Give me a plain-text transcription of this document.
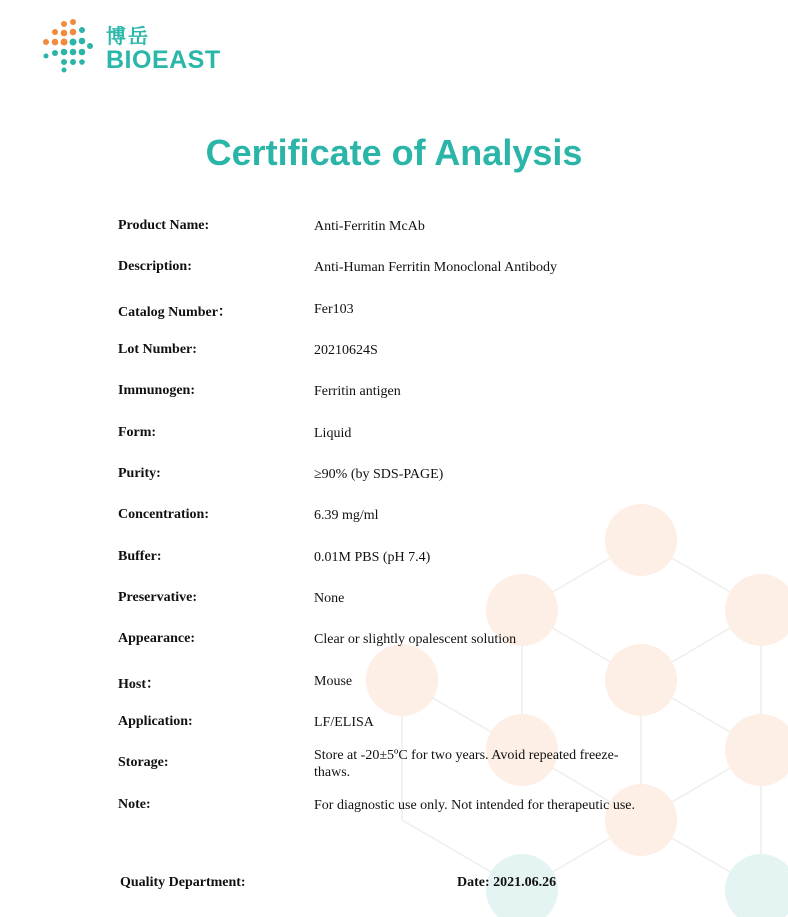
博岳
BIOEAST
Certificate of Analysis
Product Name:	Anti-Ferritin McAb
Description:	Anti-Human Ferritin Monoclonal Antibody
Catalog Number：	Fer103
Lot Number:	20210624S
Immunogen:	Ferritin antigen
Form:	Liquid
Purity:	≥90% (by SDS-PAGE)
Concentration:	6.39 mg/ml
Buffer:	0.01M PBS (pH 7.4)
Preservative:	None
Appearance:	Clear or slightly opalescent solution
Host：	Mouse
Application:	LF/ELISA
Storage:	Store at -20±5ºC for two years. Avoid repeated freeze-thaws.
Note:	For diagnostic use only. Not intended for therapeutic use.
Quality Department:	Date: 2021.06.26
